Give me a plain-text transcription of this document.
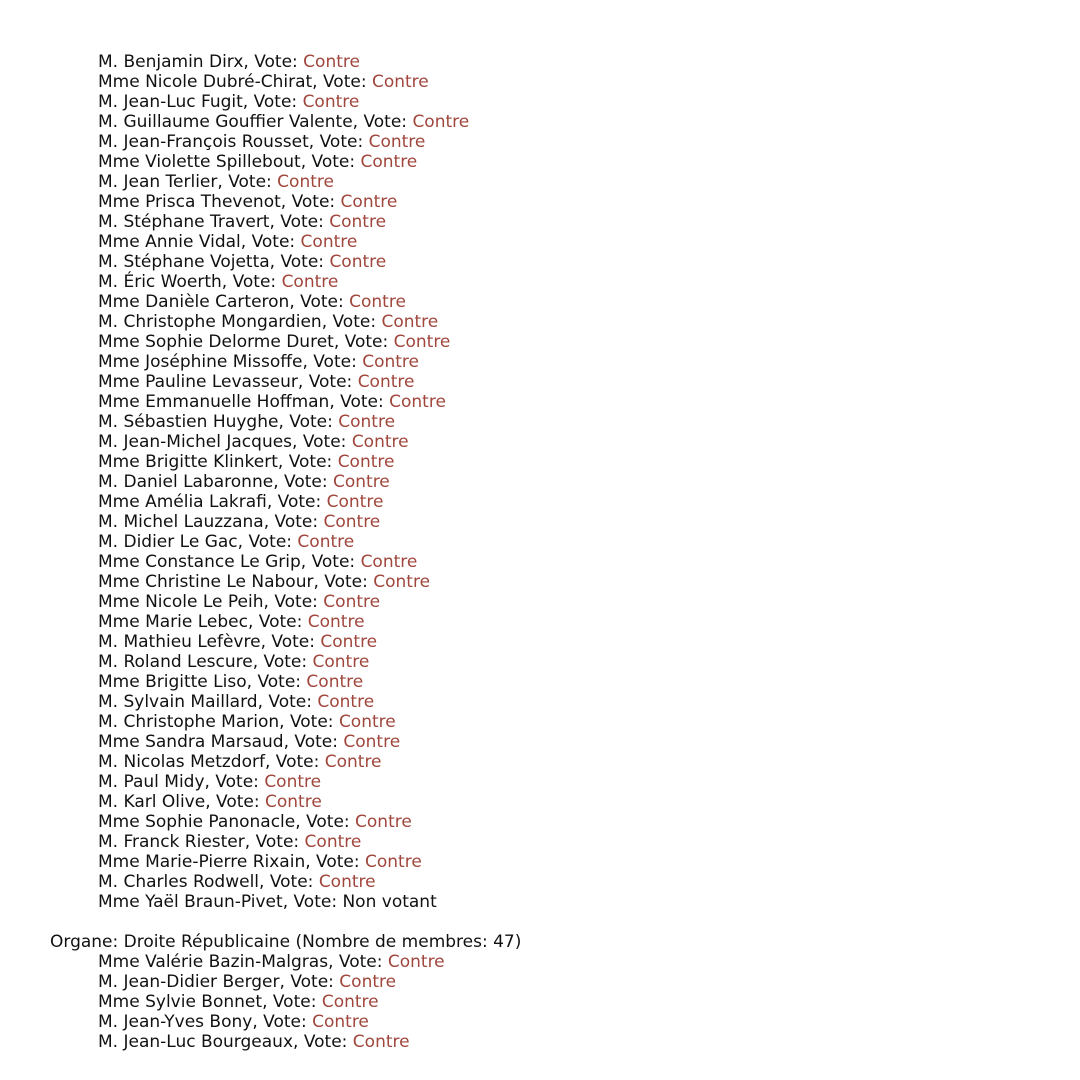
M. Benjamin Dirx, Vote: Contre
Mme Nicole Dubré-Chirat, Vote: Contre
M. Jean-Luc Fugit, Vote: Contre
M. Guillaume Gouffier Valente, Vote: Contre
M. Jean-François Rousset, Vote: Contre
Mme Violette Spillebout, Vote: Contre
M. Jean Terlier, Vote: Contre
Mme Prisca Thevenot, Vote: Contre
M. Stéphane Travert, Vote: Contre
Mme Annie Vidal, Vote: Contre
M. Stéphane Vojetta, Vote: Contre
M. Éric Woerth, Vote: Contre
Mme Danièle Carteron, Vote: Contre
M. Christophe Mongardien, Vote: Contre
Mme Sophie Delorme Duret, Vote: Contre
Mme Joséphine Missoffe, Vote: Contre
Mme Pauline Levasseur, Vote: Contre
Mme Emmanuelle Hoffman, Vote: Contre
M. Sébastien Huyghe, Vote: Contre
M. Jean-Michel Jacques, Vote: Contre
Mme Brigitte Klinkert, Vote: Contre
M. Daniel Labaronne, Vote: Contre
Mme Amélia Lakrafi, Vote: Contre
M. Michel Lauzzana, Vote: Contre
M. Didier Le Gac, Vote: Contre
Mme Constance Le Grip, Vote: Contre
Mme Christine Le Nabour, Vote: Contre
Mme Nicole Le Peih, Vote: Contre
Mme Marie Lebec, Vote: Contre
M. Mathieu Lefèvre, Vote: Contre
M. Roland Lescure, Vote: Contre
Mme Brigitte Liso, Vote: Contre
M. Sylvain Maillard, Vote: Contre
M. Christophe Marion, Vote: Contre
Mme Sandra Marsaud, Vote: Contre
M. Nicolas Metzdorf, Vote: Contre
M. Paul Midy, Vote: Contre
M. Karl Olive, Vote: Contre
Mme Sophie Panonacle, Vote: Contre
M. Franck Riester, Vote: Contre
Mme Marie-Pierre Rixain, Vote: Contre
M. Charles Rodwell, Vote: Contre
Mme Yaël Braun-Pivet, Vote: Non votant
Organe: Droite Républicaine (Nombre de membres: 47)
Mme Valérie Bazin-Malgras, Vote: Contre
M. Jean-Didier Berger, Vote: Contre
Mme Sylvie Bonnet, Vote: Contre
M. Jean-Yves Bony, Vote: Contre
M. Jean-Luc Bourgeaux, Vote: Contre
